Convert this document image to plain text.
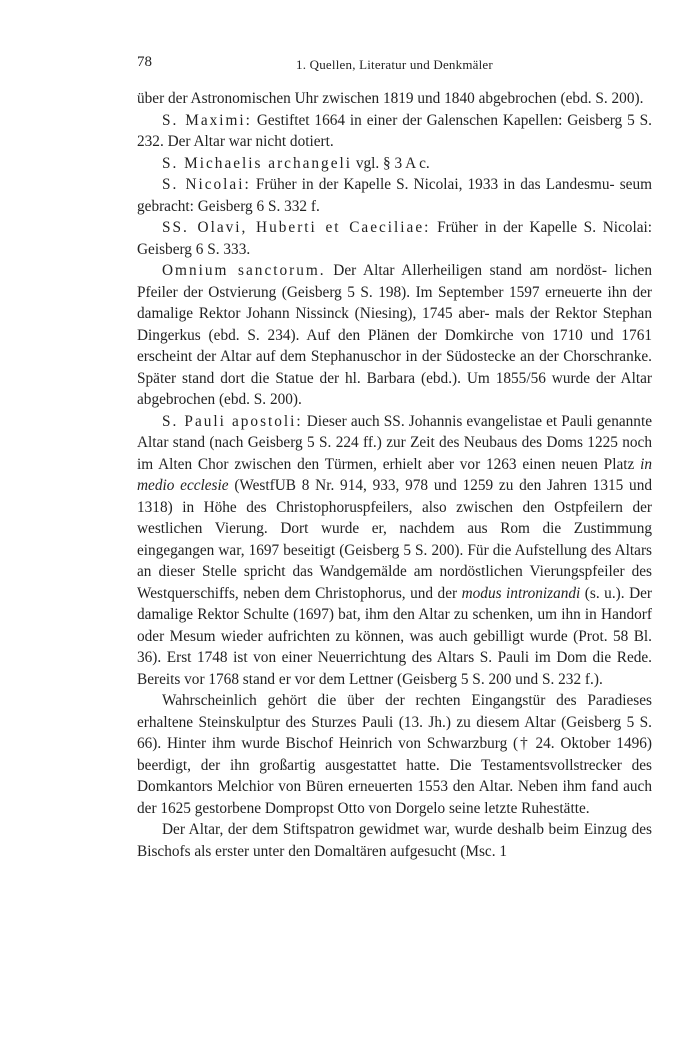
78	1. Quellen, Literatur und Denkmäler

über der Astronomischen Uhr zwischen 1819 und 1840 abgebrochen (ebd. S. 200).

S. Maximi: Gestiftet 1664 in einer der Galenschen Kapellen: Geisberg 5 S. 232. Der Altar war nicht dotiert.

S. Michaelis archangeli vgl. § 3 A c.

S. Nicolai: Früher in der Kapelle S. Nicolai, 1933 in das Landesmu- seum gebracht: Geisberg 6 S. 332 f.

SS. Olavi, Huberti et Caeciliae: Früher in der Kapelle S. Nicolai: Geisberg 6 S. 333.

Omnium sanctorum. Der Altar Allerheiligen stand am nordöst- lichen Pfeiler der Ostvierung (Geisberg 5 S. 198). Im September 1597 erneuerte ihn der damalige Rektor Johann Nissinck (Niesing), 1745 aber- mals der Rektor Stephan Dingerkus (ebd. S. 234). Auf den Plänen der Domkirche von 1710 und 1761 erscheint der Altar auf dem Stephanuschor in der Südostecke an der Chorschranke. Später stand dort die Statue der hl. Barbara (ebd.). Um 1855/56 wurde der Altar abgebrochen (ebd. S. 200).

S. Pauli apostoli: Dieser auch SS. Johannis evangelistae et Pauli genannte Altar stand (nach Geisberg 5 S. 224 ff.) zur Zeit des Neubaus des Doms 1225 noch im Alten Chor zwischen den Türmen, erhielt aber vor 1263 einen neuen Platz in medio ecclesie (WestfUB 8 Nr. 914, 933, 978 und 1259 zu den Jahren 1315 und 1318) in Höhe des Christophoruspfeilers, also zwischen den Ostpfeilern der westlichen Vierung. Dort wurde er, nachdem aus Rom die Zustimmung eingegangen war, 1697 beseitigt (Geisberg 5 S. 200). Für die Aufstellung des Altars an dieser Stelle spricht das Wandgemälde am nordöstlichen Vierungspfeiler des Westquerschiffs, neben dem Christophorus, und der modus intronizandi (s. u.). Der damalige Rektor Schulte (1697) bat, ihm den Altar zu schenken, um ihn in Handorf oder Mesum wieder aufrichten zu können, was auch gebilligt wurde (Prot. 58 Bl. 36). Erst 1748 ist von einer Neuerrichtung des Altars S. Pauli im Dom die Rede. Bereits vor 1768 stand er vor dem Lettner (Geisberg 5 S. 200 und S. 232 f.).

Wahrscheinlich gehört die über der rechten Eingangstür des Paradieses erhaltene Steinskulptur des Sturzes Pauli (13. Jh.) zu diesem Altar (Geisberg 5 S. 66). Hinter ihm wurde Bischof Heinrich von Schwarzburg († 24. Oktober 1496) beerdigt, der ihn großartig ausgestattet hatte. Die Testamentsvollstrecker des Domkantors Melchior von Büren erneuerten 1553 den Altar. Neben ihm fand auch der 1625 gestorbene Dompropst Otto von Dorgelo seine letzte Ruhestätte.

Der Altar, der dem Stiftspatron gewidmet war, wurde deshalb beim Einzug des Bischofs als erster unter den Domaltären aufgesucht (Msc. 1
